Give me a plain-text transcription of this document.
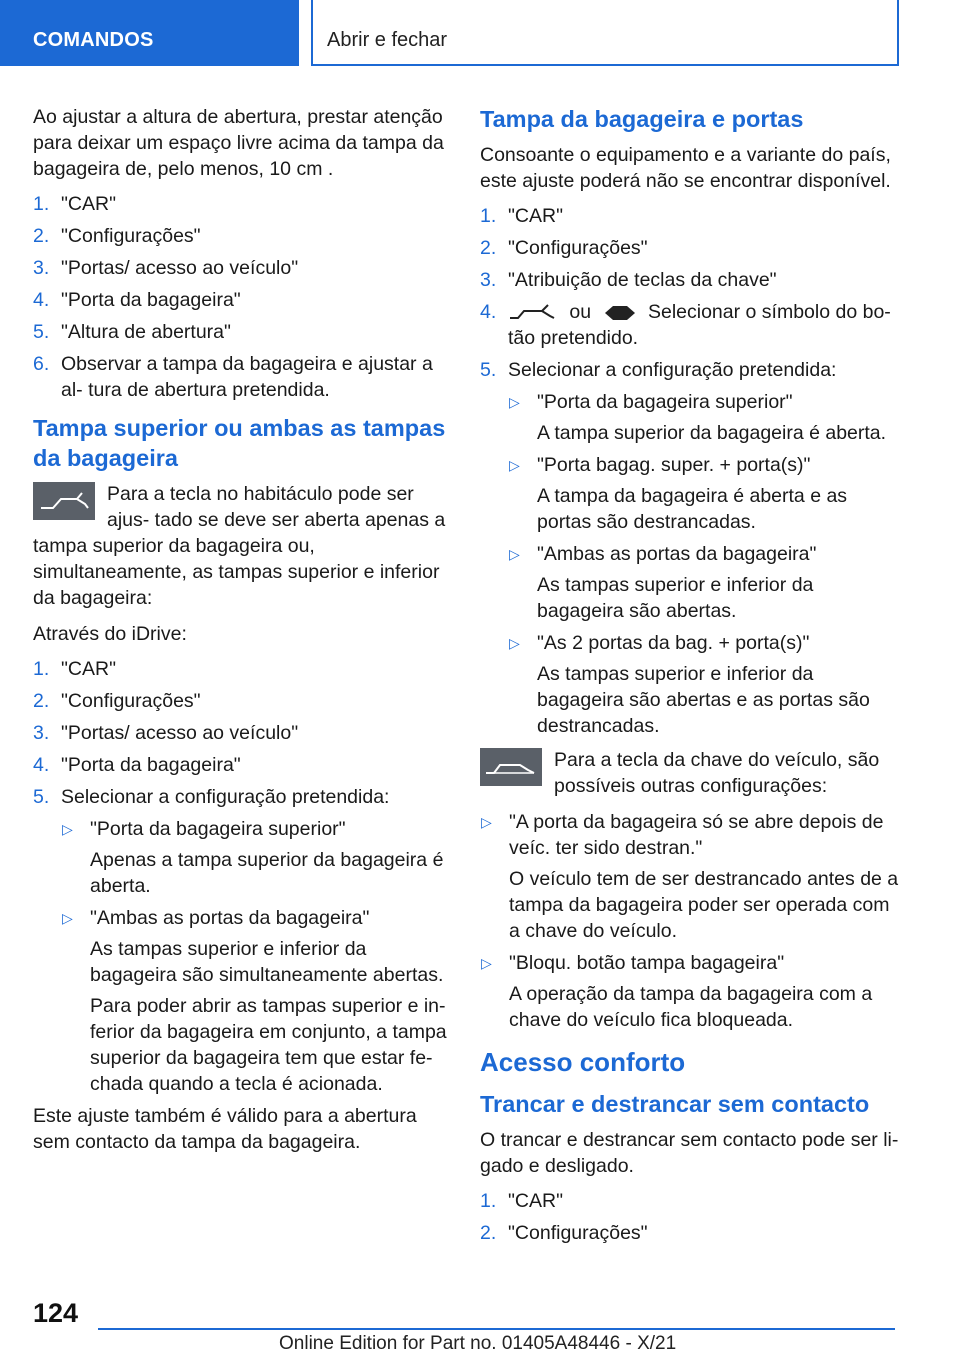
COMANDOS	Abrir e fechar

Ao ajustar a altura de abertura, prestar atenção para deixar um espaço livre acima da tampa da bagageira de, pelo menos, 10 cm .

1. "CAR"
2. "Configurações"
3. "Portas/ acesso ao veículo"
4. "Porta da bagageira"
5. "Altura de abertura"
6. Observar a tampa da bagageira e ajustar a al- tura de abertura pretendida.
Tampa superior ou ambas as tampas da bagageira
Para a tecla no habitáculo pode ser ajus- tado se deve ser aberta apenas a tampa superior da bagageira ou, simultaneamente, as tampas superior e inferior da bagageira:

Através do iDrive:

1. "CAR"
2. "Configurações"
3. "Portas/ acesso ao veículo"
4. "Porta da bagageira"
5. Selecionar a configuração pretendida:
▷ "Porta da bagageira superior"
Apenas a tampa superior da bagageira é aberta.
▷ "Ambas as portas da bagageira"
As tampas superior e inferior da bagageira são simultaneamente abertas.
Para poder abrir as tampas superior e in- ferior da bagageira em conjunto, a tampa superior da bagageira tem que estar fe- chada quando a tecla é acionada.

Este ajuste também é válido para a abertura sem contacto da tampa da bagageira.

Tampa da bagageira e portas

Consoante o equipamento e a variante do país, este ajuste poderá não se encontrar disponível.

1. "CAR"
2. "Configurações"
3. "Atribuição de teclas da chave"
4.	ou	Selecionar o símbolo do bo- tão pretendido.
5. Selecionar a configuração pretendida:
▷ "Porta da bagageira superior"
A tampa superior da bagageira é aberta.
▷ "Porta bagag. super. + porta(s)"
A tampa da bagageira é aberta e as portas são destrancadas.
▷ "Ambas as portas da bagageira"
As tampas superior e inferior da bagageira são abertas.
▷ "As 2 portas da bag. + porta(s)"
As tampas superior e inferior da bagageira são abertas e as portas são destrancadas.
Para a tecla da chave do veículo, são possíveis outras configurações:
▷ "A porta da bagageira só se abre depois de veíc. ter sido destran."
O veículo tem de ser destrancado antes de a tampa da bagageira poder ser operada com a chave do veículo.
▷ "Bloqu. botão tampa bagageira"
A operação da tampa da bagageira com a chave do veículo fica bloqueada.
Acesso conforto
Trancar e destrancar sem contacto

O trancar e destrancar sem contacto pode ser li- gado e desligado.

1. "CAR"
2. "Configurações"
124
Online Edition for Part no. 01405A48446 - X/21
